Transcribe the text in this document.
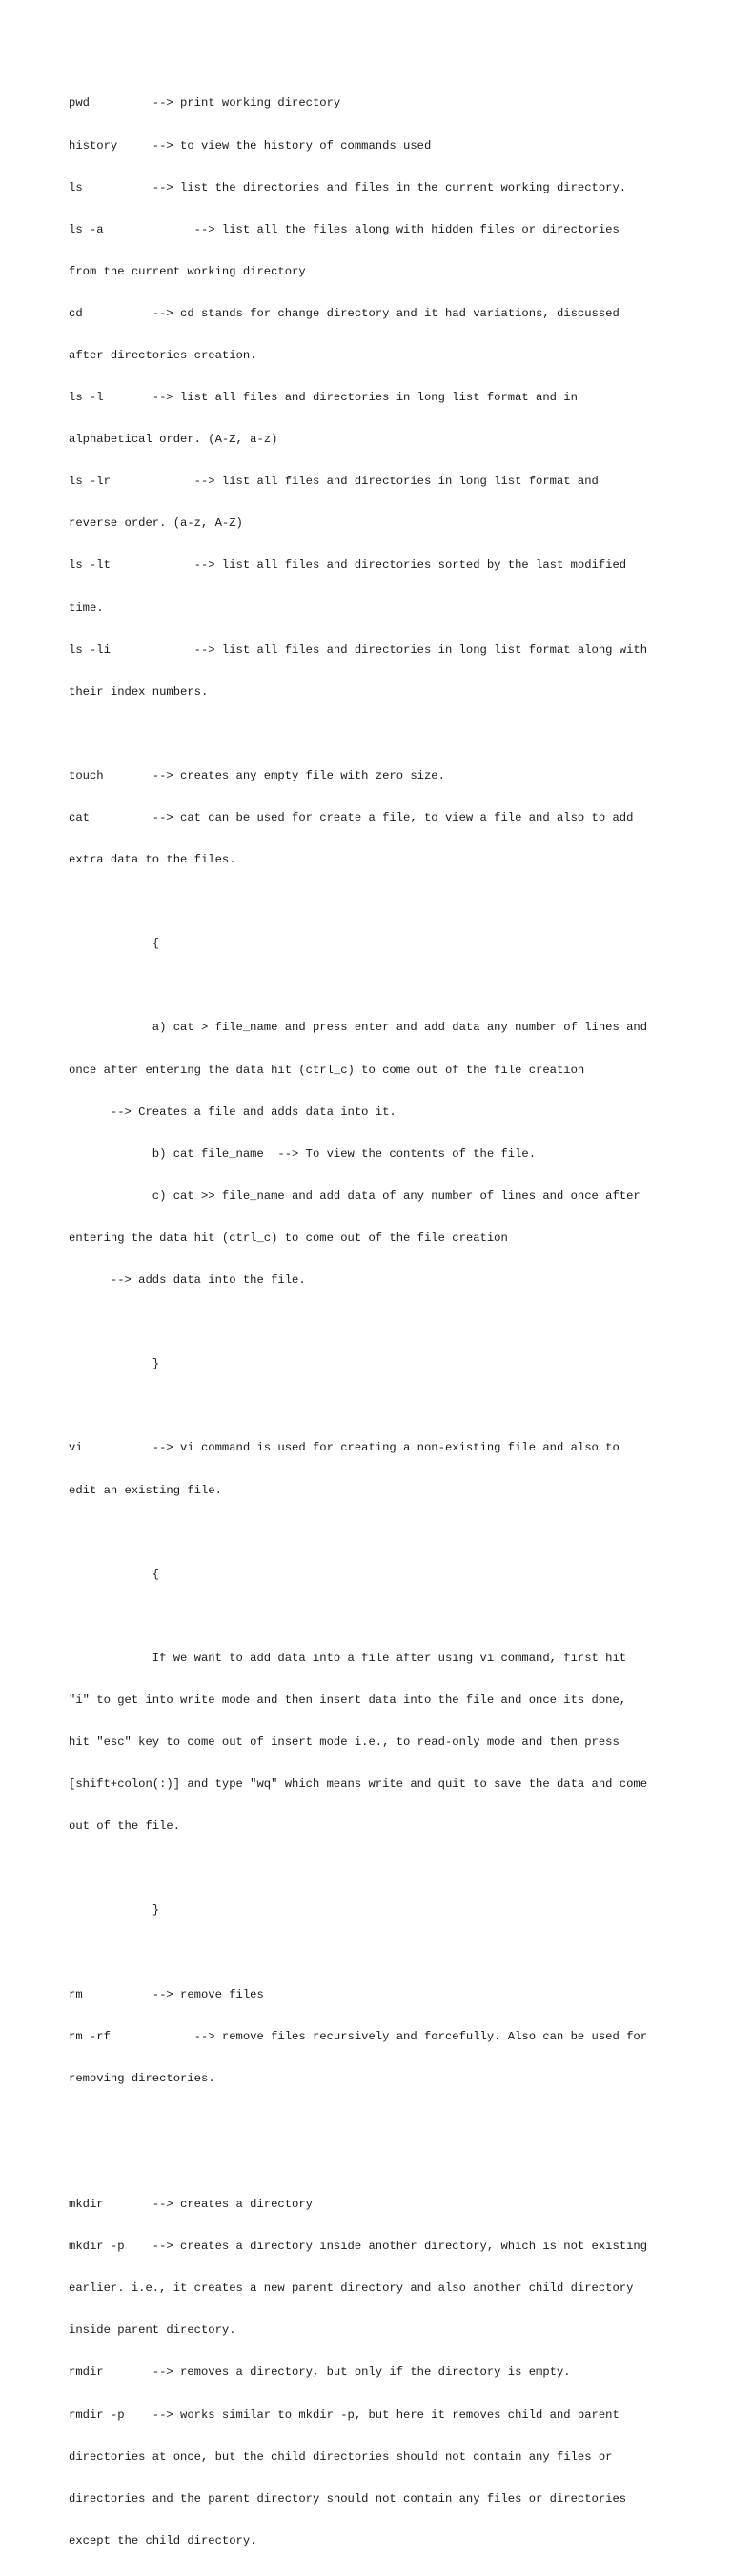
pwd         --> print working directory

history     --> to view the history of commands used

ls          --> list the directories and files in the current working directory.

ls -a             --> list all the files along with hidden files or directories

from the current working directory

cd          --> cd stands for change directory and it had variations, discussed

after directories creation.

ls -l       --> list all files and directories in long list format and in

alphabetical order. (A-Z, a-z)

ls -lr            --> list all files and directories in long list format and

reverse order. (a-z, A-Z)

ls -lt            --> list all files and directories sorted by the last modified

time.

ls -li            --> list all files and directories in long list format along with

their index numbers.

touch       --> creates any empty file with zero size.

cat         --> cat can be used for create a file, to view a file and also to add

extra data to the files.

{

a) cat > file_name and press enter and add data any number of lines and

once after entering the data hit (ctrl_c) to come out of the file creation

--> Creates a file and adds data into it.

b) cat file_name  --> To view the contents of the file.

c) cat >> file_name and add data of any number of lines and once after

entering the data hit (ctrl_c) to come out of the file creation

--> adds data into the file.

}

vi          --> vi command is used for creating a non-existing file and also to

edit an existing file.

{

If we want to add data into a file after using vi command, first hit

"i" to get into write mode and then insert data into the file and once its done,

hit "esc" key to come out of insert mode i.e., to read-only mode and then press

[shift+colon(:)] and type "wq" which means write and quit to save the data and come

out of the file.

}

rm          --> remove files

rm -rf            --> remove files recursively and forcefully. Also can be used for

removing directories.

mkdir       --> creates a directory

mkdir -p    --> creates a directory inside another directory, which is not existing

earlier. i.e., it creates a new parent directory and also another child directory

inside parent directory.

rmdir       --> removes a directory, but only if the directory is empty.

rmdir -p    --> works similar to mkdir -p, but here it removes child and parent

directories at once, but the child directories should not contain any files or

directories and the parent directory should not contain any files or directories

except the child directory.
